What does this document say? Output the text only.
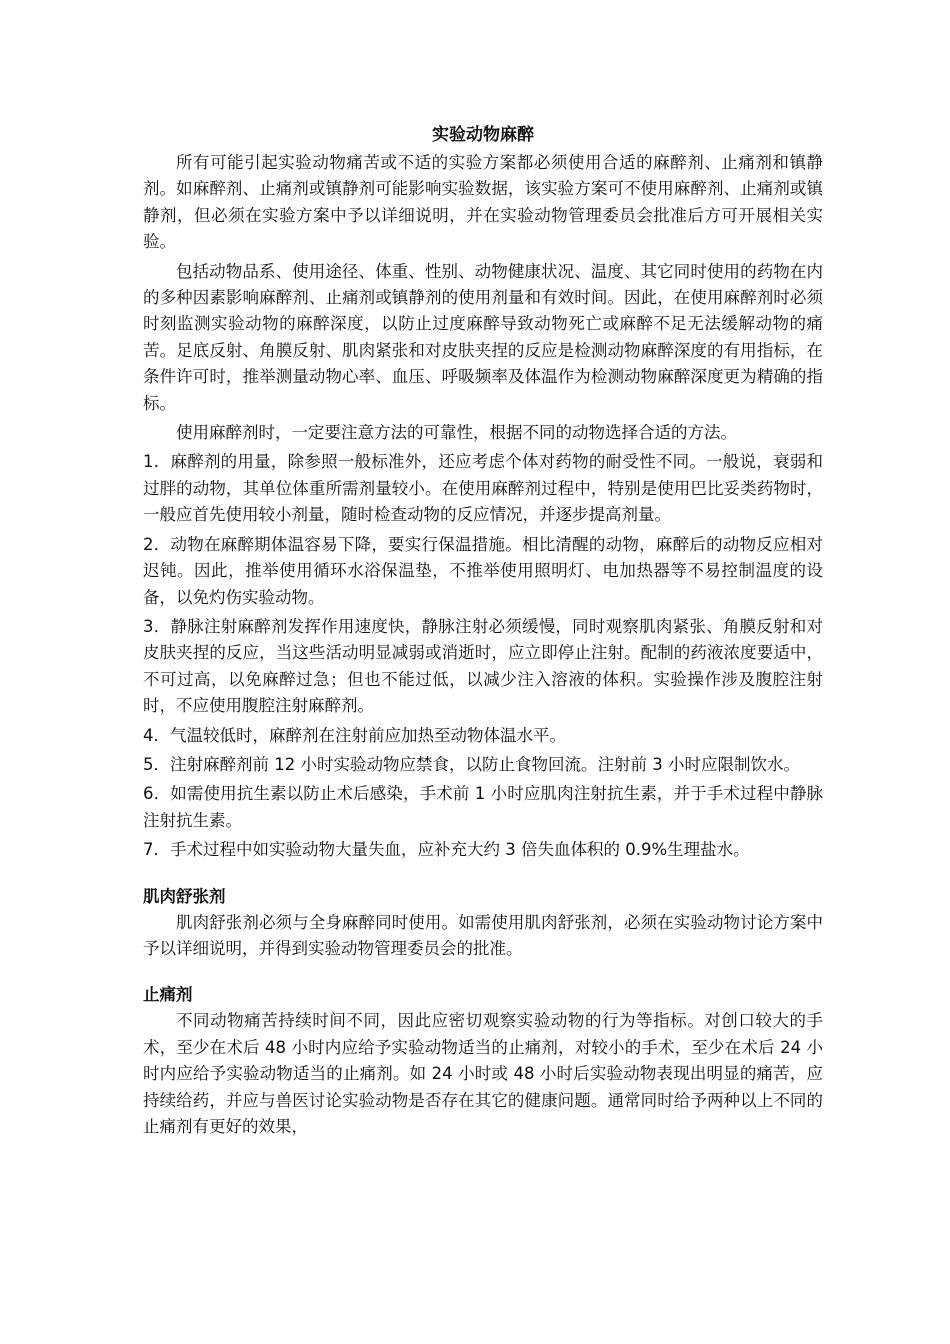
实验动物麻醉

所有可能引起实验动物痛苦或不适的实验方案都必须使用合适的麻醉剂、止痛剂和镇静剂。如麻醉剂、止痛剂或镇静剂可能影响实验数据，该实验方案可不使用麻醉剂、止痛剂或镇静剂，但必须在实验方案中予以详细说明，并在实验动物管理委员会批准后方可开展相关实验。

包括动物品系、使用途径、体重、性别、动物健康状况、温度、其它同时使用的药物在内的多种因素影响麻醉剂、止痛剂或镇静剂的使用剂量和有效时间。因此，在使用麻醉剂时必须时刻监测实验动物的麻醉深度，以防止过度麻醉导致动物死亡或麻醉不足无法缓解动物的痛苦。足底反射、角膜反射、肌肉紧张和对皮肤夹捏的反应是检测动物麻醉深度的有用指标，在条件许可时，推举测量动物心率、血压、呼吸频率及体温作为检测动物麻醉深度更为精确的指标。

使用麻醉剂时，一定要注意方法的可靠性，根据不同的动物选择合适的方法。

1．麻醉剂的用量，除参照一般标准外，还应考虑个体对药物的耐受性不同。一般说，衰弱和过胖的动物，其单位体重所需剂量较小。在使用麻醉剂过程中，特别是使用巴比妥类药物时，一般应首先使用较小剂量，随时检查动物的反应情况，并逐步提高剂量。

2．动物在麻醉期体温容易下降，要实行保温措施。相比清醒的动物，麻醉后的动物反应相对迟钝。因此，推举使用循环水浴保温垫，不推举使用照明灯、电加热器等不易控制温度的设备，以免灼伤实验动物。

3．静脉注射麻醉剂发挥作用速度快，静脉注射必须缓慢，同时观察肌肉紧张、角膜反射和对皮肤夹捏的反应，当这些活动明显减弱或消逝时，应立即停止注射。配制的药液浓度要适中，不可过高，以免麻醉过急；但也不能过低，以减少注入溶液的体积。实验操作涉及腹腔注射时，不应使用腹腔注射麻醉剂。

4．气温较低时，麻醉剂在注射前应加热至动物体温水平。

5．注射麻醉剂前 12 小时实验动物应禁食，以防止食物回流。注射前 3 小时应限制饮水。

6．如需使用抗生素以防止术后感染，手术前 1 小时应肌肉注射抗生素，并于手术过程中静脉注射抗生素。

7．手术过程中如实验动物大量失血，应补充大约 3 倍失血体积的 0.9%生理盐水。

肌肉舒张剂

肌肉舒张剂必须与全身麻醉同时使用。如需使用肌肉舒张剂，必须在实验动物讨论方案中予以详细说明，并得到实验动物管理委员会的批准。

止痛剂

不同动物痛苦持续时间不同，因此应密切观察实验动物的行为等指标。对创口较大的手术，至少在术后 48 小时内应给予实验动物适当的止痛剂，对较小的手术，至少在术后 24 小时内应给予实验动物适当的止痛剂。如 24 小时或 48 小时后实验动物表现出明显的痛苦，应持续给药，并应与兽医讨论实验动物是否存在其它的健康问题。通常同时给予两种以上不同的止痛剂有更好的效果，
